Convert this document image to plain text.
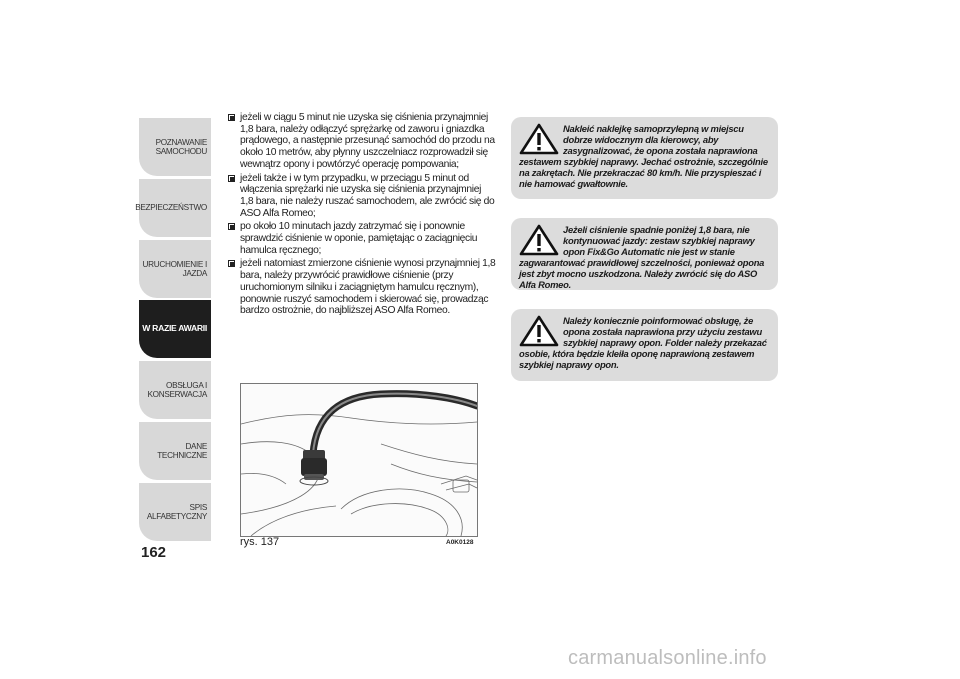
POZNAWANIE
SAMOCHODU
BEZPIECZEŃSTWO
URUCHOMIENIE I
JAZDA
W RAZIE AWARII
OBSŁUGA I
KONSERWACJA
DANE TECHNICZNE
SPIS ALFABETYCZNY
162
jeżeli w ciągu 5 minut nie uzyska się ciśnienia przynajmniej 1,8 bara, należy odłączyć sprężarkę od zaworu i gniazdka prądowego, a następnie przesunąć samochód do przodu na około 10 metrów, aby płynny uszczelniacz rozprowadził się wewnątrz opony i powtórzyć operację pompowania;
jeżeli także i w tym przypadku, w przeciągu 5 minut od włączenia sprężarki nie uzyska się ciśnienia przynajmniej 1,8 bara, nie należy ruszać samochodem, ale zwrócić się do ASO Alfa Romeo;
po około 10 minutach jazdy zatrzymać się i ponownie sprawdzić ciśnienie w oponie, pamiętając o zaciągnięciu hamulca ręcznego;
jeżeli natomiast zmierzone ciśnienie wynosi przynajmniej 1,8 bara, należy przywrócić prawidłowe ciśnienie (przy uruchomionym silniku i zaciągniętym hamulcu ręcznym), ponownie ruszyć samochodem i skierować się, prowadząc bardzo ostrożnie, do najbliższej ASO Alfa Romeo.
rys. 137	A0K0128
Nakleić naklejkę samoprzylepną w miejscu dobrze widocznym dla kierowcy, aby zasygnalizować, że opona została naprawiona zestawem szybkiej naprawy. Jechać ostrożnie, szczególnie na zakrętach. Nie przekraczać 80 km/h. Nie przyspieszać i nie hamować gwałtownie.
Jeżeli ciśnienie spadnie poniżej 1,8 bara, nie kontynuować jazdy: zestaw szybkiej naprawy opon Fix&Go Automatic nie jest w stanie zagwarantować prawidłowej szczelności, ponieważ opona jest zbyt mocno uszkodzona. Należy zwrócić się do ASO Alfa Romeo.
Należy koniecznie poinformować obsługę, że opona została naprawiona przy użyciu zestawu szybkiej naprawy opon. Folder należy przekazać osobie, która będzie kleiła oponę naprawioną zestawem szybkiej naprawy opon.
carmanualsonline.info
